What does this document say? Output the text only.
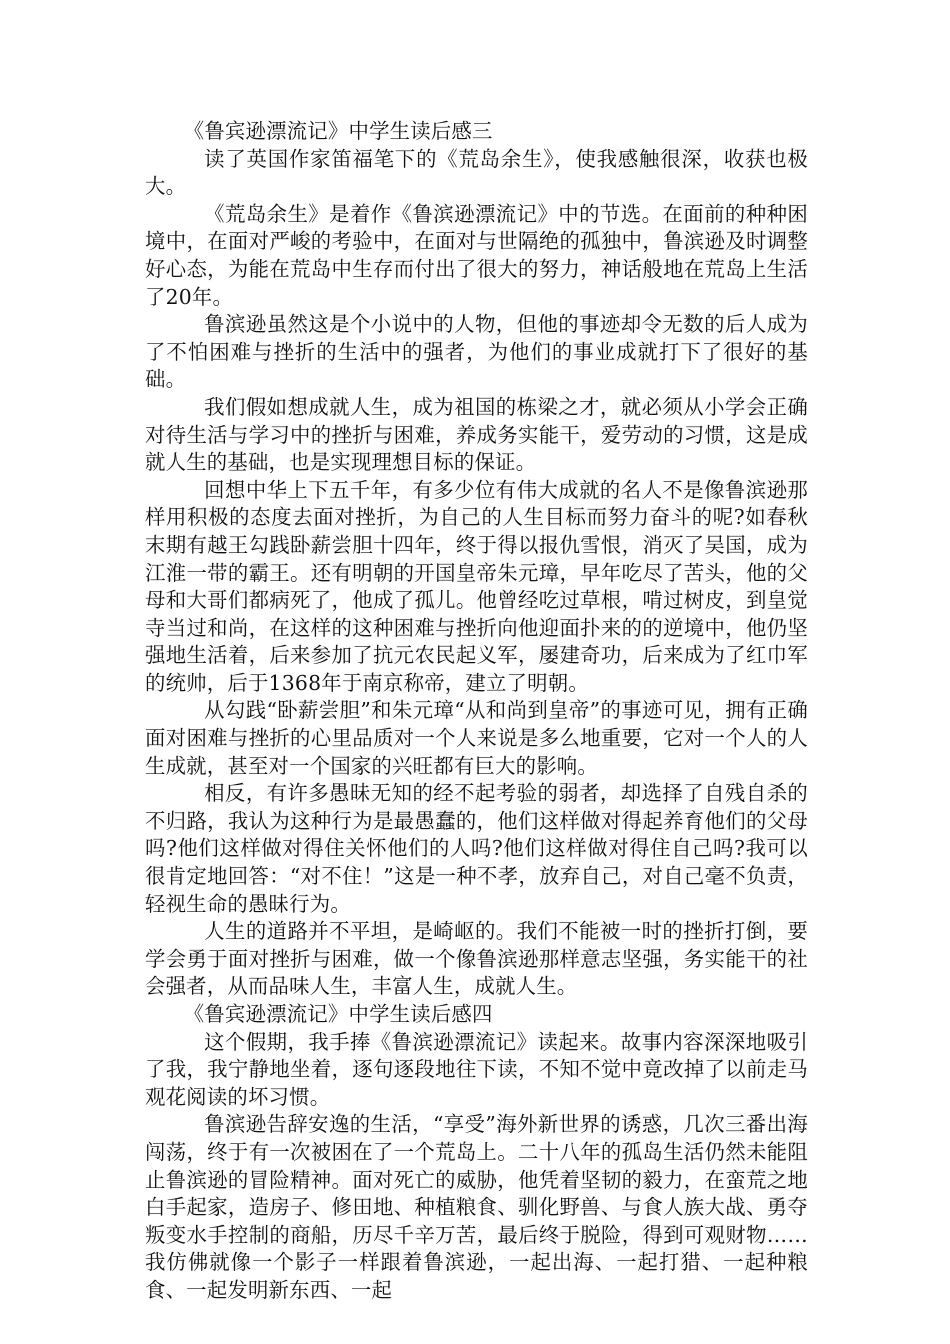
《鲁宾逊漂流记》中学生读后感三

读了英国作家笛福笔下的《荒岛余生》，使我感触很深，收获也极大。

《荒岛余生》是着作《鲁滨逊漂流记》中的节选。在面前的种种困境中，在面对严峻的考验中，在面对与世隔绝的孤独中，鲁滨逊及时调整好心态，为能在荒岛中生存而付出了很大的努力，神话般地在荒岛上生活了20年。

鲁滨逊虽然这是个小说中的人物，但他的事迹却令无数的后人成为了不怕困难与挫折的生活中的强者，为他们的事业成就打下了很好的基础。

我们假如想成就人生，成为祖国的栋梁之才，就必须从小学会正确对待生活与学习中的挫折与困难，养成务实能干，爱劳动的习惯，这是成就人生的基础，也是实现理想目标的保证。

回想中华上下五千年，有多少位有伟大成就的名人不是像鲁滨逊那样用积极的态度去面对挫折，为自己的人生目标而努力奋斗的呢?如春秋末期有越王勾践卧薪尝胆十四年，终于得以报仇雪恨，消灭了吴国，成为江淮一带的霸王。还有明朝的开国皇帝朱元璋，早年吃尽了苦头，他的父母和大哥们都病死了，他成了孤儿。他曾经吃过草根，啃过树皮，到皇觉寺当过和尚，在这样的这种困难与挫折向他迎面扑来的的逆境中，他仍坚强地生活着，后来参加了抗元农民起义军，屡建奇功，后来成为了红巾军的统帅，后于1368年于南京称帝，建立了明朝。

从勾践“卧薪尝胆”和朱元璋“从和尚到皇帝”的事迹可见，拥有正确面对困难与挫折的心里品质对一个人来说是多么地重要，它对一个人的人生成就，甚至对一个国家的兴旺都有巨大的影响。

相反，有许多愚昧无知的经不起考验的弱者，却选择了自残自杀的不归路，我认为这种行为是最愚蠢的，他们这样做对得起养育他们的父母吗?他们这样做对得住关怀他们的人吗?他们这样做对得住自己吗?我可以很肯定地回答：“对不住！”这是一种不孝，放弃自己，对自己毫不负责，轻视生命的愚昧行为。

人生的道路并不平坦，是崎岖的。我们不能被一时的挫折打倒，要学会勇于面对挫折与困难，做一个像鲁滨逊那样意志坚强，务实能干的社会强者，从而品味人生，丰富人生，成就人生。

《鲁宾逊漂流记》中学生读后感四

这个假期，我手捧《鲁滨逊漂流记》读起来。故事内容深深地吸引了我，我宁静地坐着，逐句逐段地往下读，不知不觉中竟改掉了以前走马观花阅读的坏习惯。

鲁滨逊告辞安逸的生活，“享受”海外新世界的诱惑，几次三番出海闯荡，终于有一次被困在了一个荒岛上。二十八年的孤岛生活仍然未能阻止鲁滨逊的冒险精神。面对死亡的威胁，他凭着坚韧的毅力，在蛮荒之地白手起家，造房子、修田地、种植粮食、驯化野兽、与食人族大战、勇夺叛变水手控制的商船，历尽千辛万苦，最后终于脱险，得到可观财物……我仿佛就像一个影子一样跟着鲁滨逊，一起出海、一起打猎、一起种粮食、一起发明新东西、一起
